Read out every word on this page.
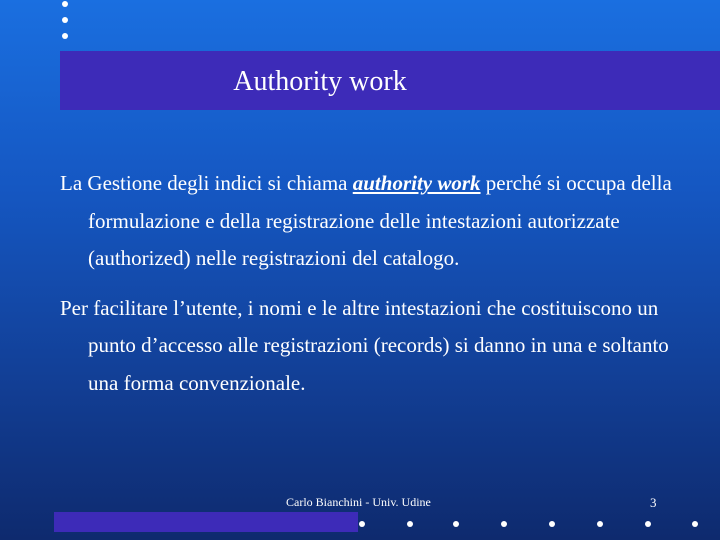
Authority work

La Gestione degli indici si chiama authority work perché si occupa della formulazione e della registrazione delle intestazioni autorizzate (authorized) nelle registrazioni del catalogo.

Per facilitare l’utente, i nomi e le altre intestazioni che costituiscono un punto d’accesso alle registrazioni (records) si danno in una e soltanto una forma convenzionale.

Carlo Bianchini - Univ. Udine	3
